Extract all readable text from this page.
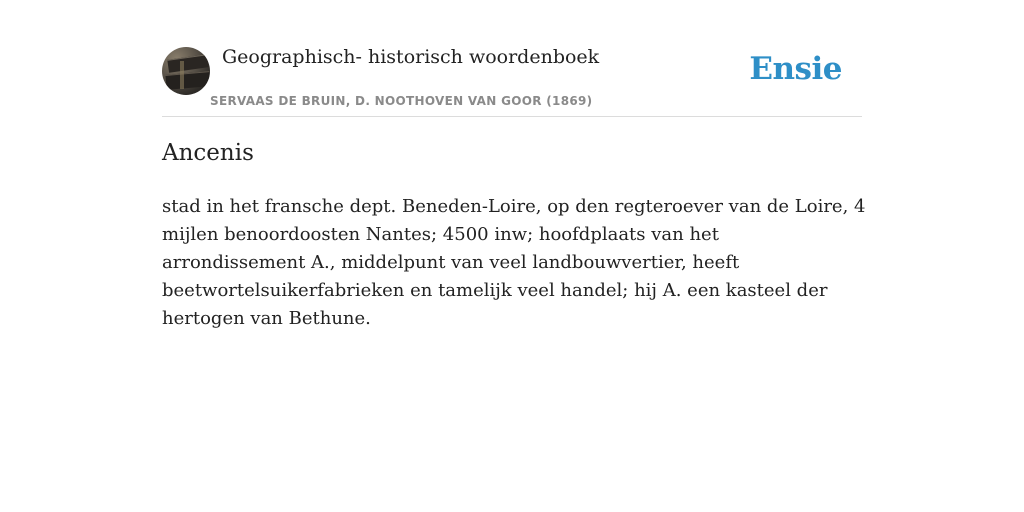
Geographisch- historisch woordenboek
SERVAAS DE BRUIN, D. NOOTHOVEN VAN GOOR (1869)
Ensie
Ancenis

stad in het fransche dept. Beneden-Loire, op den regteroever van de Loire, 4 mijlen benoordoosten Nantes; 4500 inw; hoofdplaats van het arrondissement A., middelpunt van veel landbouwvertier, heeft beetwortelsuikerfabrieken en tamelijk veel handel; hij A. een kasteel der hertogen van Bethune.
